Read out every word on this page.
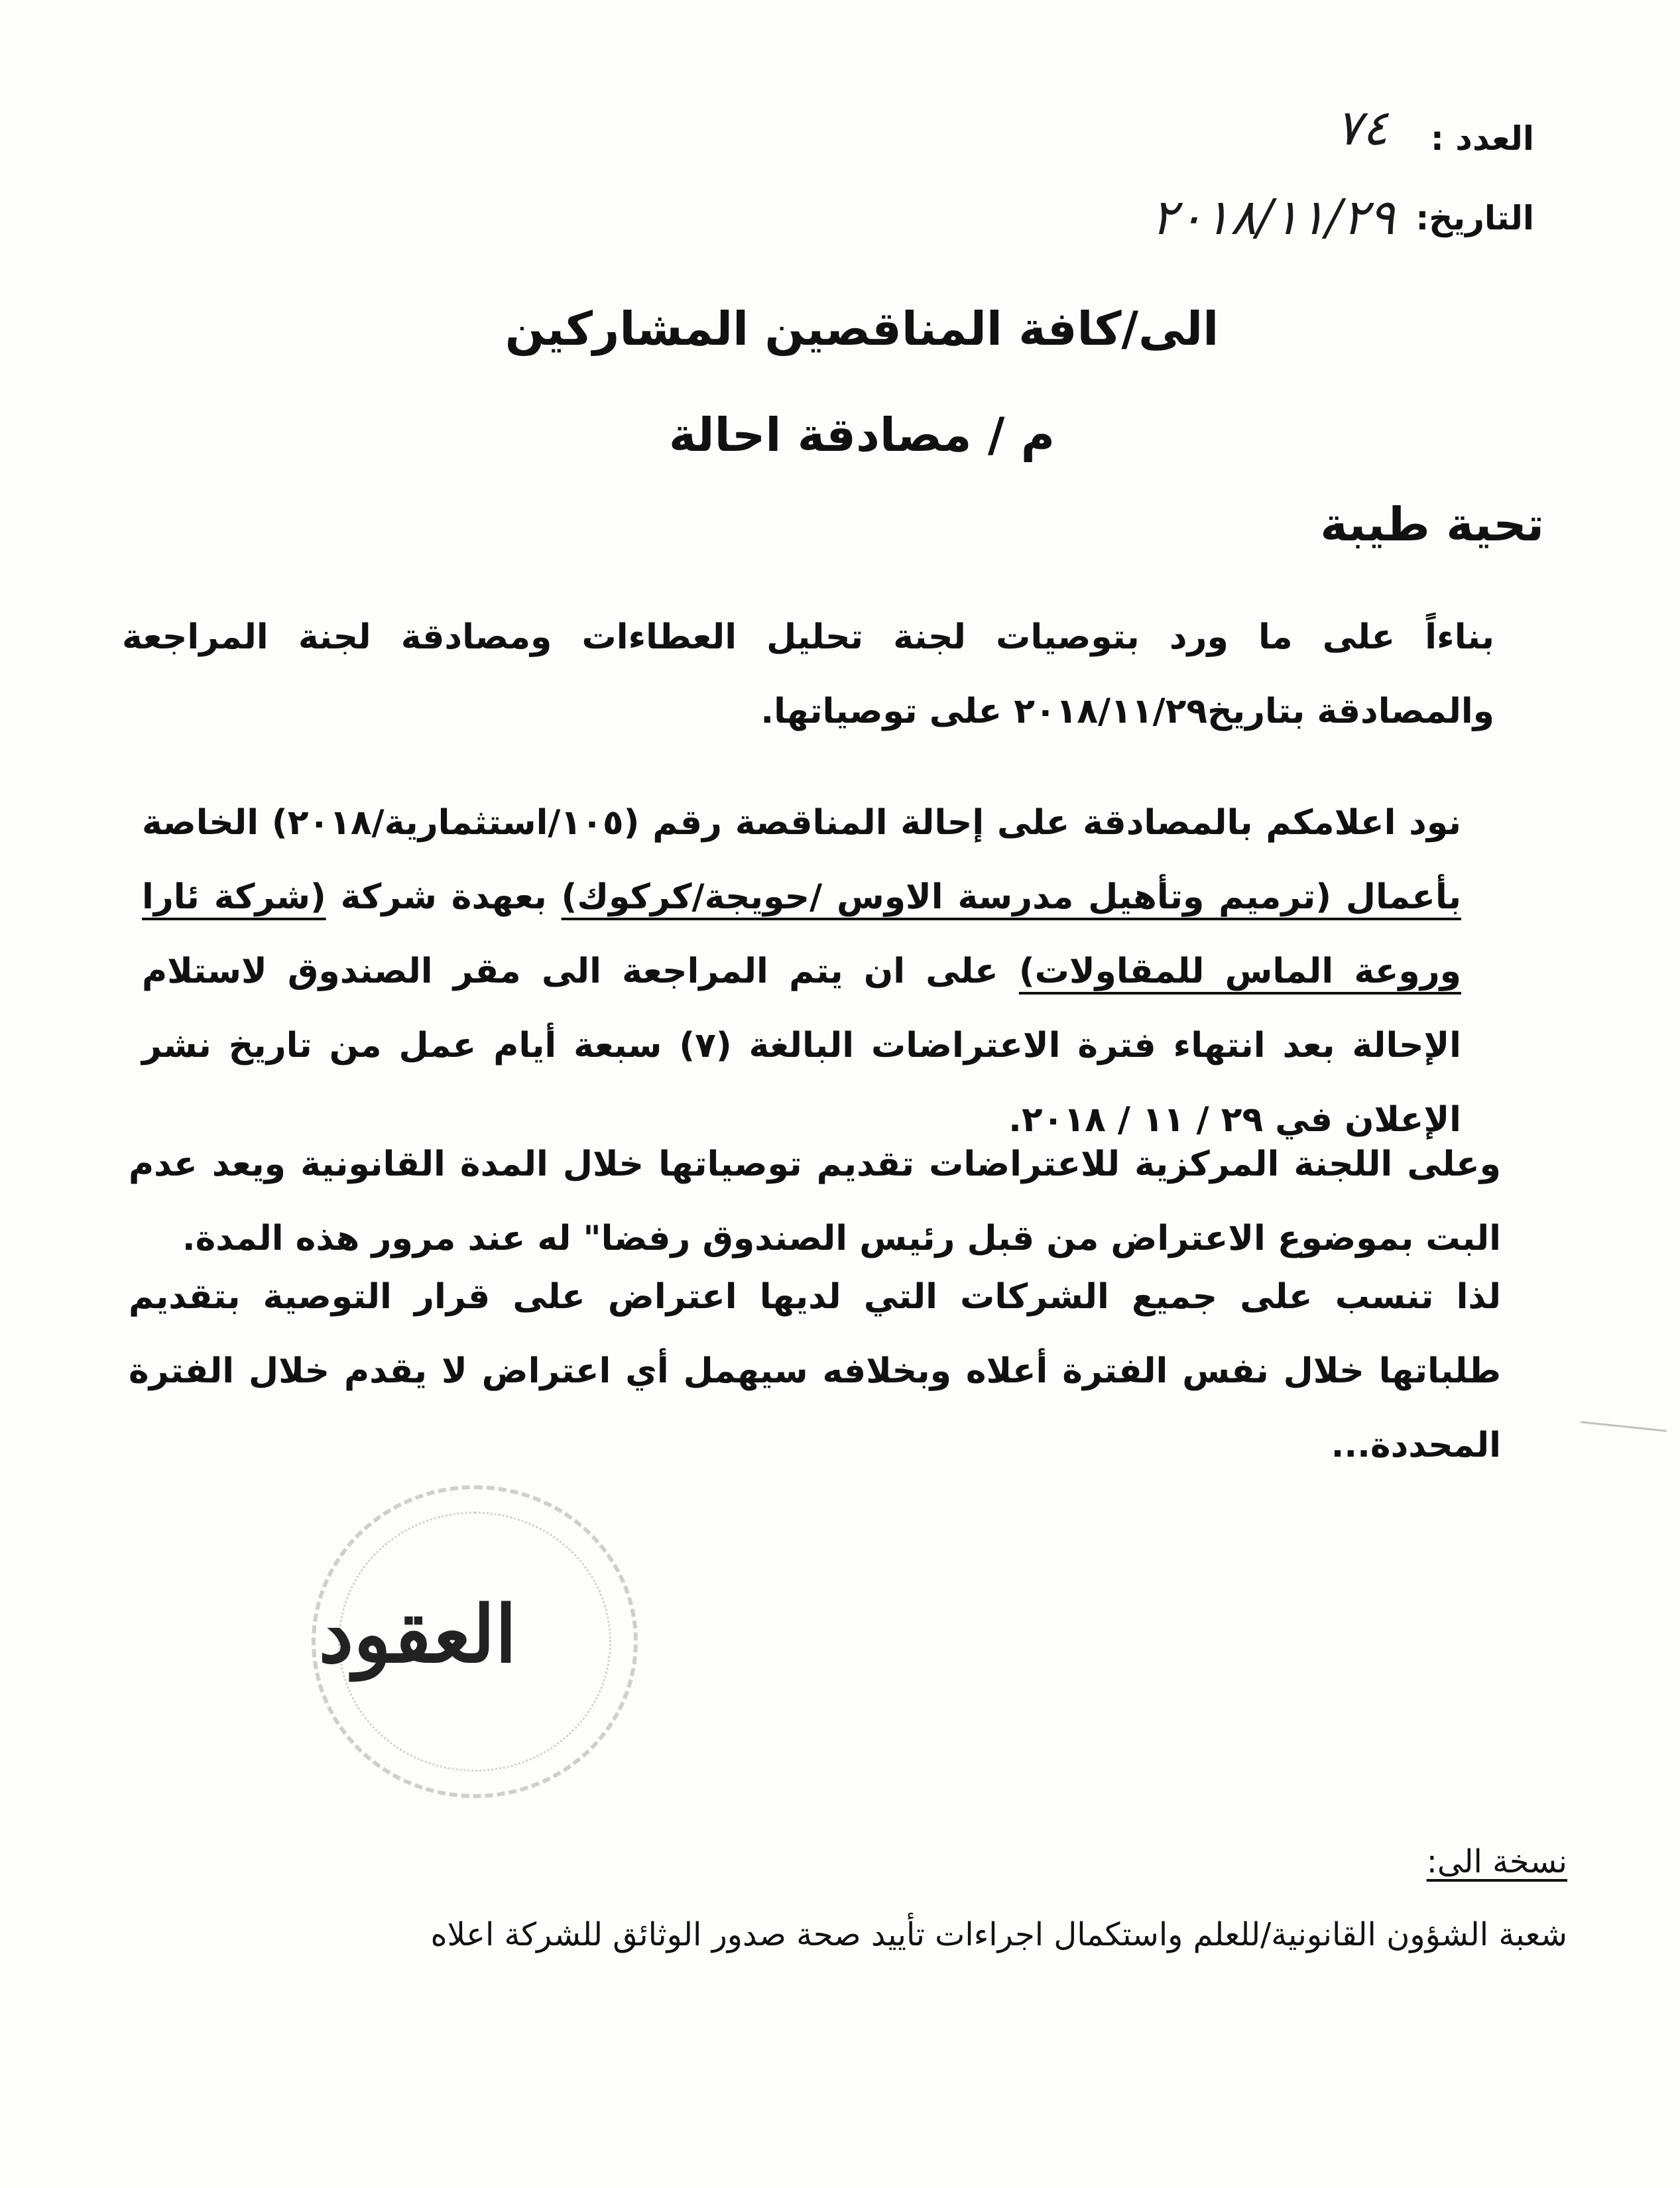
العدد :
٧٤
التاريخ:
٢٠١٨/١١/٢٩
الى/كافة المناقصين المشاركين
م / مصادقة احالة
تحية طيبة
بناءاً على ما ورد بتوصيات لجنة تحليل العطاءات ومصادقة لجنة المراجعة والمصادقة بتاريخ٢٠١٨/١١/٢٩ على توصياتها.
نود اعلامكم بالمصادقة على إحالة المناقصة رقم (١٠٥/استثمارية/٢٠١٨) الخاصة بأعمال (ترميم وتأهيل مدرسة الاوس /حويجة/كركوك) بعهدة شركة (شركة ئارا وروعة الماس للمقاولات) على ان يتم المراجعة الى مقر الصندوق لاستلام الإحالة بعد انتهاء فترة الاعتراضات البالغة (٧) سبعة أيام عمل من تاريخ نشر الإعلان في ٢٩ / ١١ / ٢٠١٨.
وعلى اللجنة المركزية للاعتراضات تقديم توصياتها خلال المدة القانونية ويعد عدم البت بموضوع الاعتراض من قبل رئيس الصندوق رفضا" له عند مرور هذه المدة.
لذا تنسب على جميع الشركات التي لديها اعتراض على قرار التوصية بتقديم طلباتها خلال نفس الفترة أعلاه وبخلافه سيهمل أي اعتراض لا يقدم خلال الفترة المحددة...
العقود
نسخة الى:
شعبة الشؤون القانونية/للعلم واستكمال اجراءات تأييد صحة صدور الوثائق للشركة اعلاه
